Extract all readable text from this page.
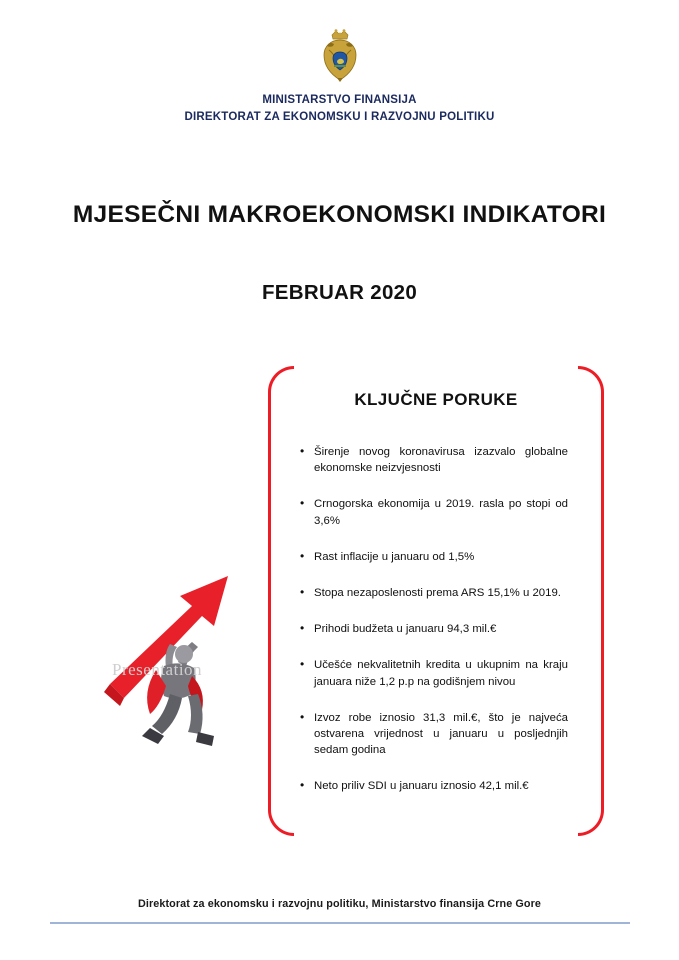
MINISTARSTVO FINANSIJA
DIREKTORAT ZA EKONOMSKU I RAZVOJNU POLITIKU
MJESEČNI MAKROEKONOMSKI INDIKATORI
FEBRUAR 2020
KLJUČNE PORUKE
• Širenje novog koronavirusa izazvalo globalne ekonomske neizvjesnosti
• Crnogorska ekonomija u 2019. rasla po stopi od 3,6%
• Rast inflacije u januaru od 1,5%
• Stopa nezaposlenosti prema ARS 15,1% u 2019.
• Prihodi budžeta u januaru 94,3 mil.€
• Učešće nekvalitetnih kredita u ukupnim na kraju januara niže 1,2 p.p na godišnjem nivou
• Izvoz robe iznosio 31,3 mil.€, što je najveća ostvarena vrijednost u januaru u posljednjih sedam godina
• Neto priliv SDI u januaru iznosio 42,1 mil.€
Presentation
Direktorat za ekonomsku i razvojnu politiku, Ministarstvo finansija Crne Gore
